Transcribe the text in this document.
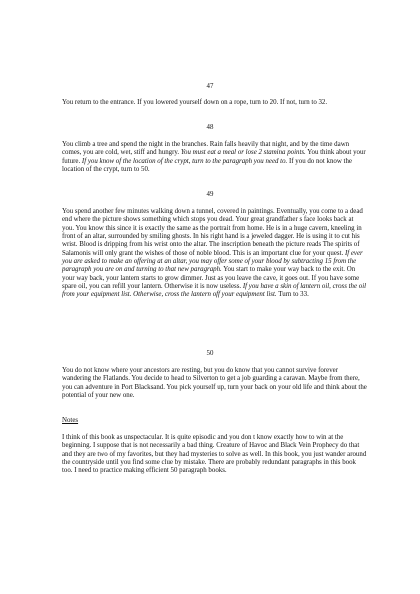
47

You return to the entrance. If you lowered yourself down on a rope, turn to 20. If not, turn to 32.

48

You climb a tree and spend the night in the branches. Rain falls heavily that night, and by the time dawn comes, you are cold, wet, stiff and hungry. You must eat a meal or lose 2 stamina points. You think about your future. If you know of the location of the crypt, turn to the paragraph you need to. If you do not know the location of the crypt, turn to 50.

49

You spend another few minutes walking down a tunnel, covered in paintings. Eventually, you come to a dead end where the picture shows something which stops you dead. Your great grandfather s face looks back at you. You know this since it is exactly the same as the portrait from home. He is in a huge cavern, kneeling in front of an altar, surrounded by smiling ghosts. In his right hand is a jeweled dagger. He is using it to cut his wrist. Blood is dripping from his wrist onto the altar. The inscription beneath the picture reads The spirits of Salamonis will only grant the wishes of those of noble blood. This is an important clue for your quest. If ever you are asked to make an offering at an altar, you may offer some of your blood by subtracting 15 from the paragraph you are on and turning to that new paragraph. You start to make your way back to the exit. On your way back, your lantern starts to grow dimmer. Just as you leave the cave, it goes out. If you have some spare oil, you can refill your lantern. Otherwise it is now useless. If you have a skin of lantern oil, cross the oil from your equipment list. Otherwise, cross the lantern off your equipment list. Turn to 33.

50

You do not know where your ancestors are resting, but you do know that you cannot survive forever wandering the Flatlands. You decide to head to Silverton to get a job guarding a caravan. Maybe from there, you can adventure in Port Blacksand. You pick yourself up, turn your back on your old life and think about the potential of your new one.

Notes

I think of this book as unspectacular. It is quite episodic and you don t know exactly how to win at the beginning. I suppose that is not necessarily a bad thing. Creature of Havoc and Black Vein Prophecy do that and they are two of my favorites, but they had mysteries to solve as well. In this book, you just wander around the countryside until you find some clue by mistake. There are probably redundant paragraphs in this book too. I need to practice making efficient 50 paragraph books.
